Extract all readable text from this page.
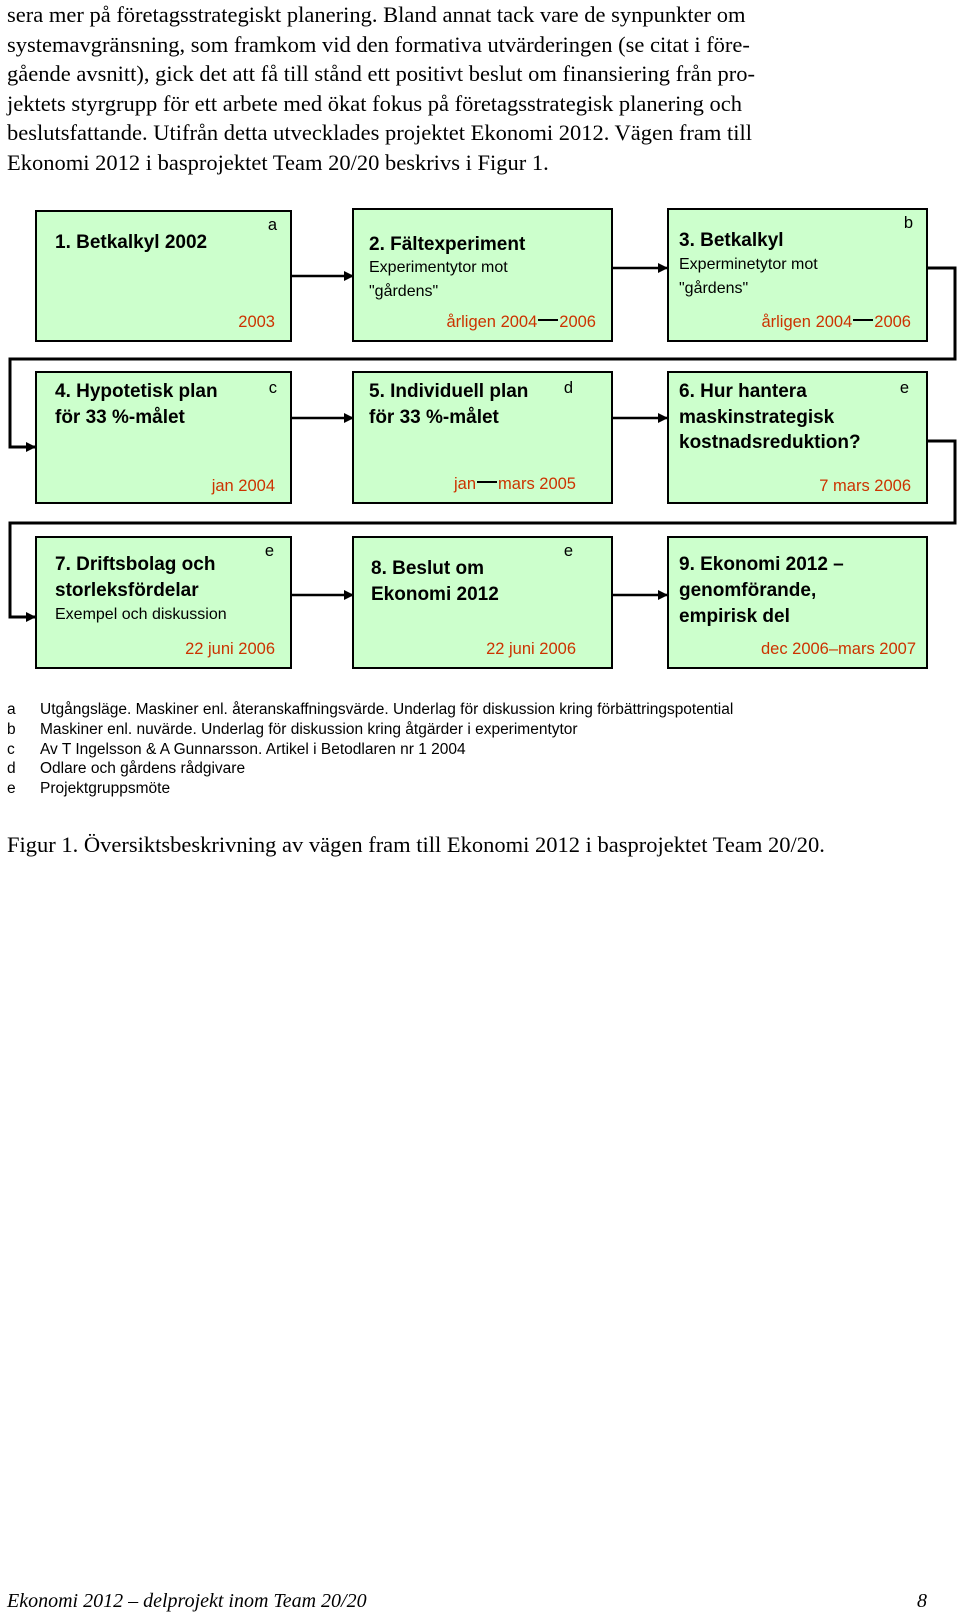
sera mer på företagsstrategiskt planering. Bland annat tack vare de synpunkter om
systemavgränsning, som framkom vid den formativa utvärderingen (se citat i före-
gående avsnitt), gick det att få till stånd ett positivt beslut om finansiering från pro-
jektets styrgrupp för ett arbete med ökat fokus på företagsstrategisk planering och
beslutsfattande. Utifrån detta utvecklades projektet Ekonomi 2012. Vägen fram till
Ekonomi 2012 i basprojektet Team 20/20 beskrivs i Figur 1.
1. Betkalkyl 2002
a
2003
2. Fältexperiment
Experimentytor mot
"gårdens"
årligen 2004 2006
3. Betkalkyl
b
Experminetytor mot
"gårdens"
årligen 2004 2006
4. Hypotetisk plan
för 33 %-målet
c
jan 2004
5. Individuell plan
för 33 %-målet
d
jan mars 2005
6. Hur hantera
maskinstrategisk
kostnadsreduktion?
e
7 mars 2006
7. Driftsbolag och
storleksfördelar
Exempel och diskussion
e
22 juni 2006
8. Beslut om
Ekonomi 2012
e
22 juni 2006
9. Ekonomi 2012 –
genomförande,
empirisk del
dec 2006–mars 2007
a Utgångsläge. Maskiner enl. återanskaffningsvärde. Underlag för diskussion kring förbättringspotential
b Maskiner enl. nuvärde. Underlag för diskussion kring åtgärder i experimentytor
c Av T Ingelsson & A Gunnarsson. Artikel i Betodlaren nr 1 2004
d Odlare och gårdens rådgivare
e Projektgruppsmöte
Figur 1. Översiktsbeskrivning av vägen fram till Ekonomi 2012 i basprojektet Team 20/20.
Ekonomi 2012 – delprojekt inom Team 20/20	8
